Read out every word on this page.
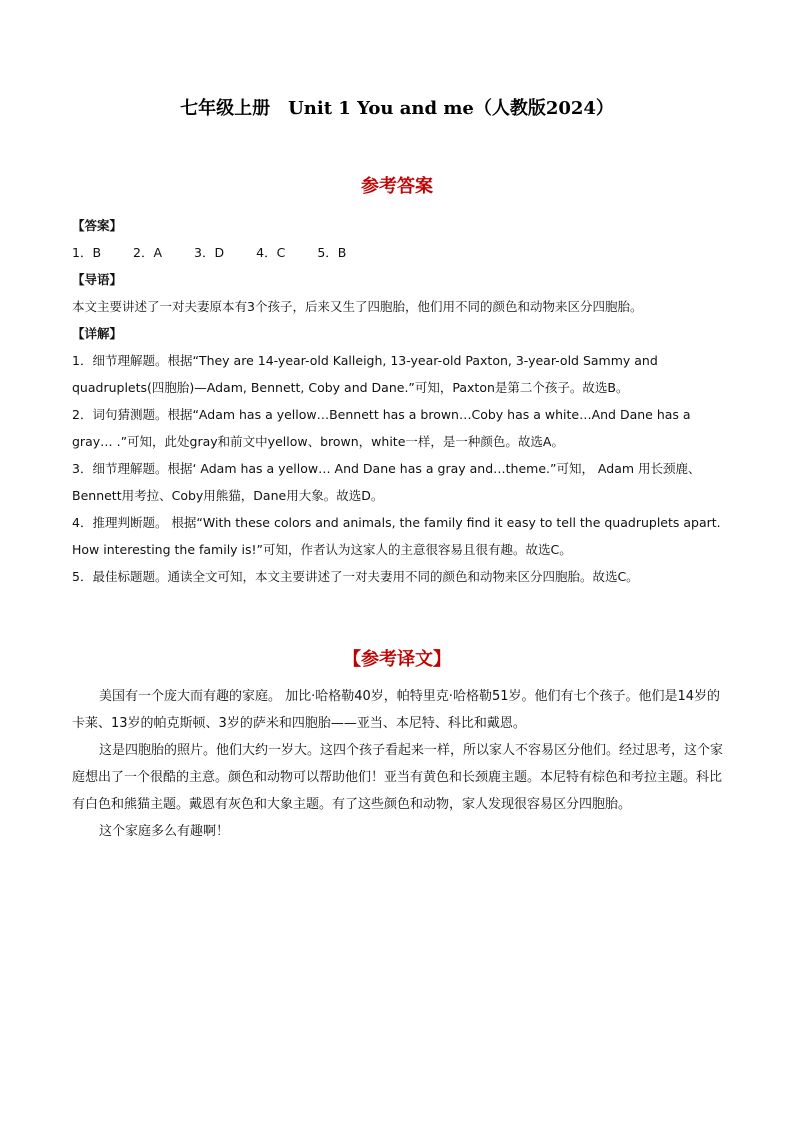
七年级上册　Unit 1 You and me（人教版2024）
参考答案
【答案】
1．B	2．A	3．D	4．C	5．B
【导语】
本文主要讲述了一对夫妻原本有3个孩子，后来又生了四胞胎，他们用不同的颜色和动物来区分四胞胎。
【详解】
1．细节理解题。根据“They are 14-year-old Kalleigh, 13-year-old Paxton, 3-year-old Sammy and quadruplets(四胞胎)—Adam, Bennett, Coby and Dane.”可知，Paxton是第二个孩子。故选B。
2．词句猜测题。根据“Adam has a yellow…Bennett has a brown…Coby has a white…And Dane has a gray… .”可知，此处gray和前文中yellow、brown，white一样，是一种颜色。故选A。
3．细节理解题。根据‘ Adam has a yellow… And Dane has a gray and…theme.”可知， Adam 用长颈鹿、Bennett用考拉、Coby用熊猫，Dane用大象。故选D。
4．推理判断题。 根据“With these colors and animals, the family find it easy to tell the quadruplets apart. How interesting the family is!”可知，作者认为这家人的主意很容易且很有趣。故选C。
5．最佳标题题。通读全文可知，本文主要讲述了一对夫妻用不同的颜色和动物来区分四胞胎。故选C。
【参考译文】

美国有一个庞大而有趣的家庭。 加比·哈格勒40岁，帕特里克·哈格勒51岁。他们有七个孩子。他们是14岁的卡莱、13岁的帕克斯顿、3岁的萨米和四胞胎——亚当、本尼特、科比和戴恩。

这是四胞胎的照片。他们大约一岁大。这四个孩子看起来一样，所以家人不容易区分他们。经过思考，这个家庭想出了一个很酷的主意。颜色和动物可以帮助他们！亚当有黄色和长颈鹿主题。本尼特有棕色和考拉主题。科比有白色和熊猫主题。戴恩有灰色和大象主题。有了这些颜色和动物，家人发现很容易区分四胞胎。

这个家庭多么有趣啊！
